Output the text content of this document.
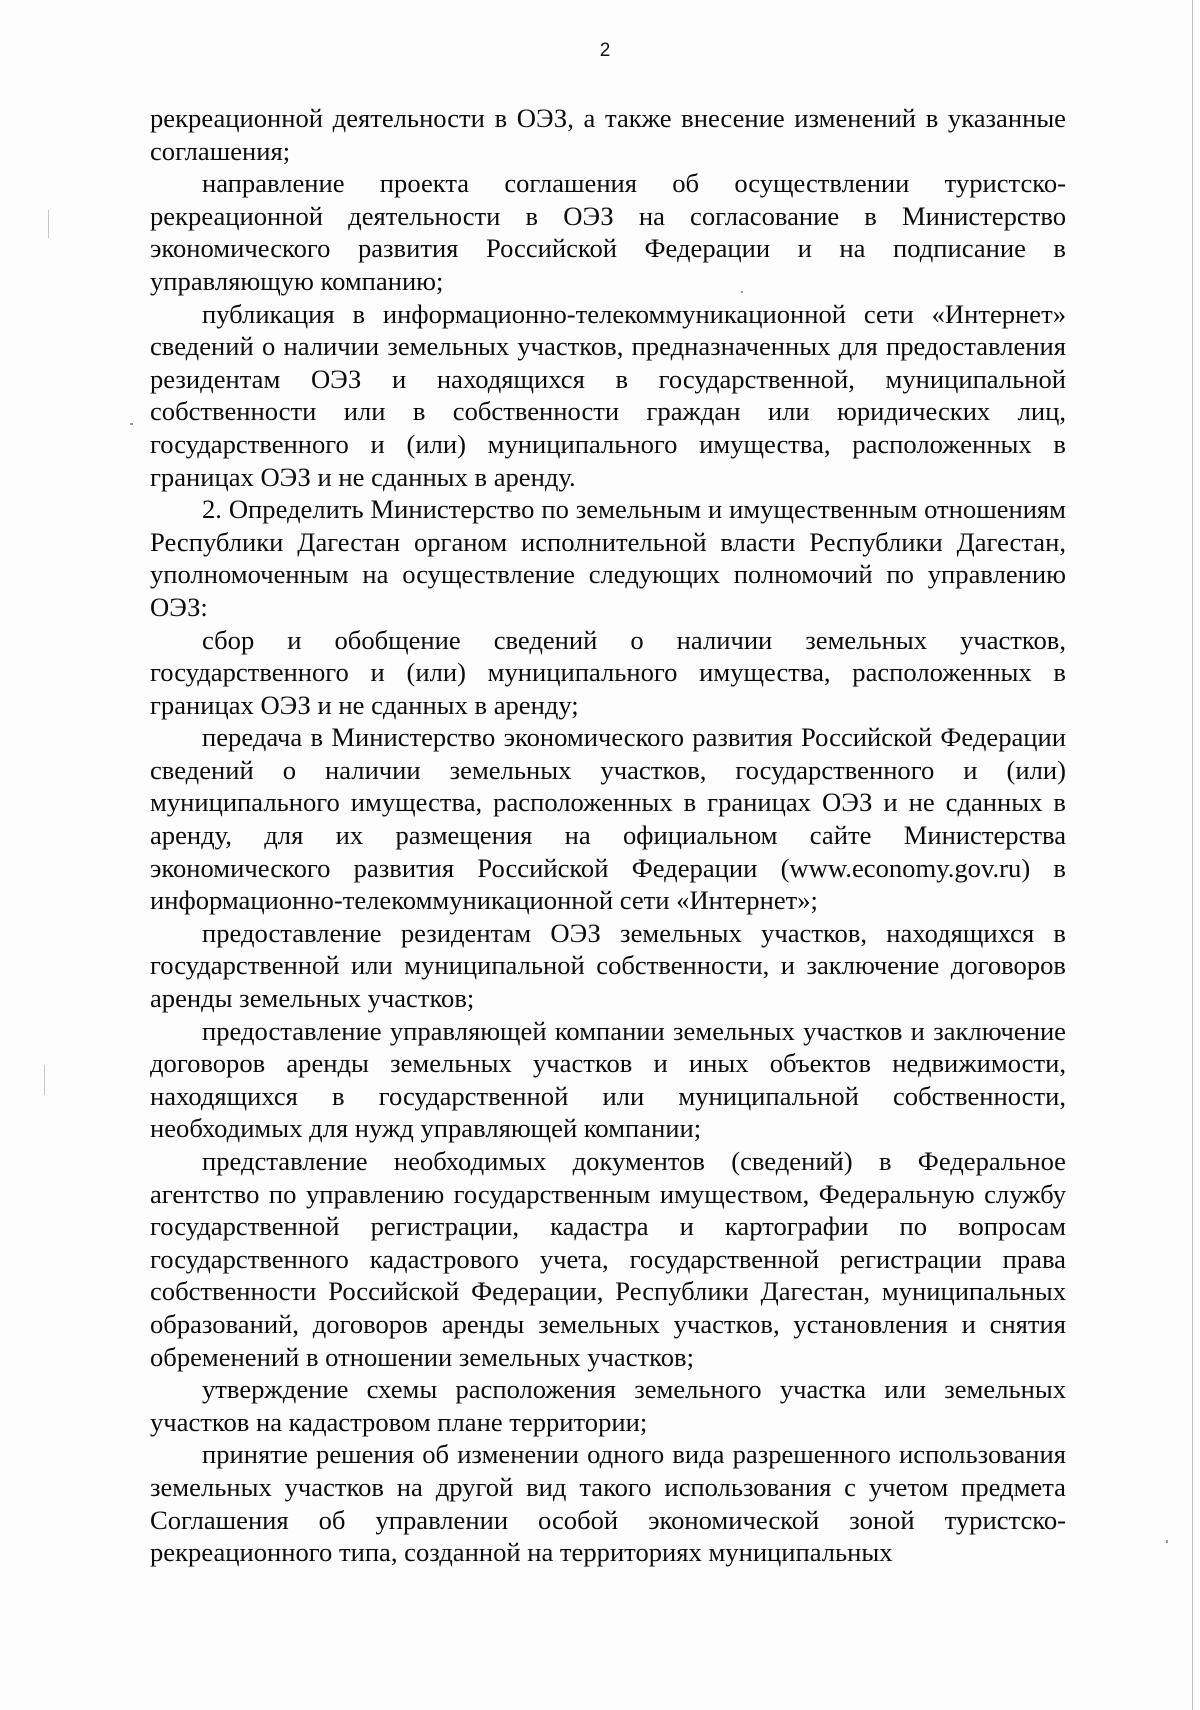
2

рекреационной деятельности в ОЭЗ, а также внесение изменений в указанные соглашения;

направление проекта соглашения об осуществлении туристско-рекреационной деятельности в ОЭЗ на согласование в Министерство экономического развития Российской Федерации и на подписание в управляющую компанию;

публикация в информационно-телекоммуникационной сети «Интернет» сведений о наличии земельных участков, предназначенных для предоставления резидентам ОЭЗ и находящихся в государственной, муниципальной собственности или в собственности граждан или юридических лиц, государственного и (или) муниципального имущества, расположенных в границах ОЭЗ и не сданных в аренду.

2. Определить Министерство по земельным и имущественным отношениям Республики Дагестан органом исполнительной власти Республики Дагестан, уполномоченным на осуществление следующих полномочий по управлению ОЭЗ:

сбор и обобщение сведений о наличии земельных участков, государственного и (или) муниципального имущества, расположенных в границах ОЭЗ и не сданных в аренду;

передача в Министерство экономического развития Российской Федерации сведений о наличии земельных участков, государственного и (или) муниципального имущества, расположенных в границах ОЭЗ и не сданных в аренду, для их размещения на официальном сайте Министерства экономического развития Российской Федерации (www.economy.gov.ru) в информационно-телекоммуникационной сети «Интернет»;

предоставление резидентам ОЭЗ земельных участков, находящихся в государственной или муниципальной собственности, и заключение договоров аренды земельных участков;

предоставление управляющей компании земельных участков и заключение договоров аренды земельных участков и иных объектов недвижимости, находящихся в государственной или муниципальной собственности, необходимых для нужд управляющей компании;

представление необходимых документов (сведений) в Федеральное агентство по управлению государственным имуществом, Федеральную службу государственной регистрации, кадастра и картографии по вопросам государственного кадастрового учета, государственной регистрации права собственности Российской Федерации, Республики Дагестан, муниципальных образований, договоров аренды земельных участков, установления и снятия обременений в отношении земельных участков;

утверждение схемы расположения земельного участка или земельных участков на кадастровом плане территории;

принятие решения об изменении одного вида разрешенного использования земельных участков на другой вид такого использования с учетом предмета Соглашения об управлении особой экономической зоной туристско-рекреационного типа, созданной на территориях муниципальных
